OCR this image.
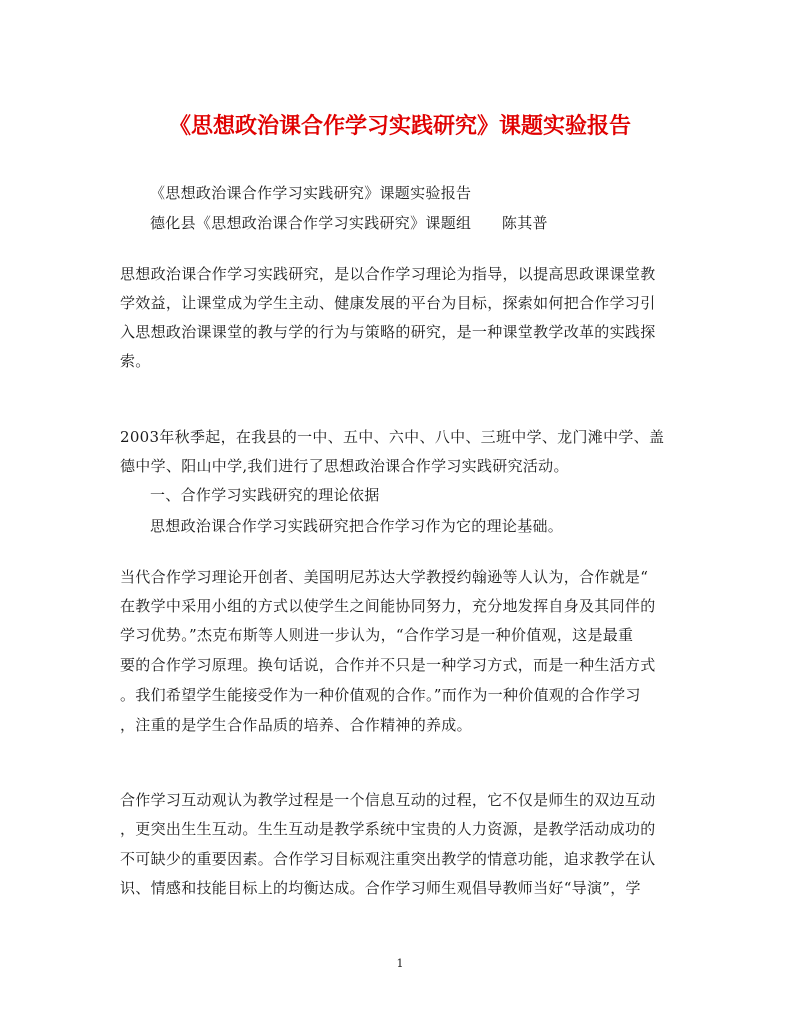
《思想政治课合作学习实践研究》课题实验报告
《思想政治课合作学习实践研究》课题实验报告
德化县《思想政治课合作学习实践研究》课题组　　陈其普
思想政治课合作学习实践研究，是以合作学习理论为指导，以提高思政课课堂教
学效益，让课堂成为学生主动、健康发展的平台为目标，探索如何把合作学习引
入思想政治课课堂的教与学的行为与策略的研究，是一种课堂教学改革的实践探
索。
2003年秋季起，在我县的一中、五中、六中、八中、三班中学、龙门滩中学、盖
德中学、阳山中学,我们进行了思想政治课合作学习实践研究活动。
一、合作学习实践研究的理论依据
思想政治课合作学习实践研究把合作学习作为它的理论基础。
当代合作学习理论开创者、美国明尼苏达大学教授约翰逊等人认为，合作就是“
在教学中采用小组的方式以使学生之间能协同努力，充分地发挥自身及其同伴的
学习优势。”杰克布斯等人则进一步认为，“合作学习是一种价值观，这是最重
要的合作学习原理。换句话说，合作并不只是一种学习方式，而是一种生活方式
。我们希望学生能接受作为一种价值观的合作。”而作为一种价值观的合作学习
，注重的是学生合作品质的培养、合作精神的养成。
合作学习互动观认为教学过程是一个信息互动的过程，它不仅是师生的双边互动
，更突出生生互动。生生互动是教学系统中宝贵的人力资源，是教学活动成功的
不可缺少的重要因素。合作学习目标观注重突出教学的情意功能，追求教学在认
识、情感和技能目标上的均衡达成。合作学习师生观倡导教师当好“导演”，学
1
